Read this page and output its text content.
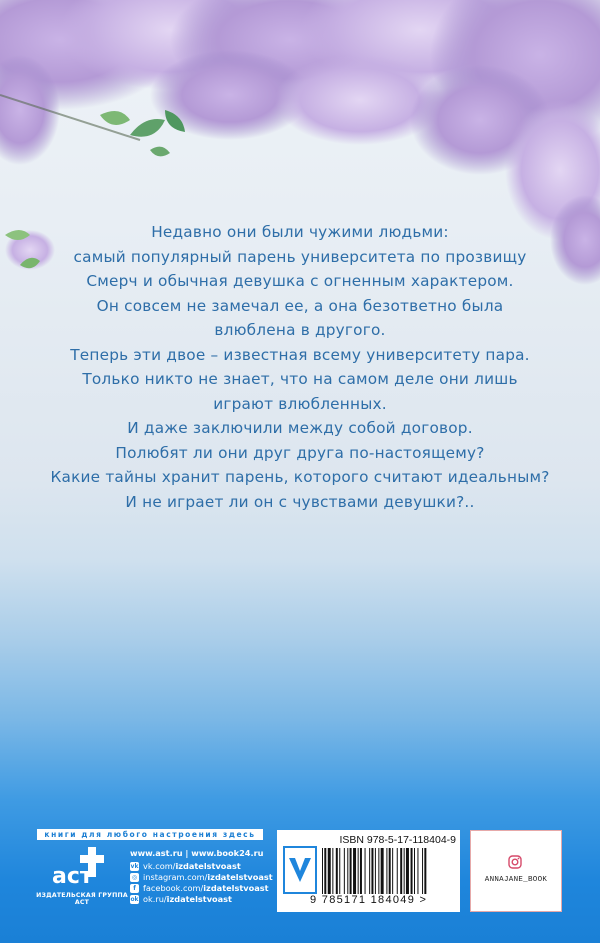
Недавно они были чужими людьми:

самый популярный парень университета по прозвищу

Смерч и обычная девушка с огненным характером.

Он совсем не замечал ее, а она безответно была

влюблена в другого.

Теперь эти двое – известная всему университету пара.

Только никто не знает, что на самом деле они лишь

играют влюбленных.

И даже заключили между собой договор.

Полюбят ли они друг друга по-настоящему?

Какие тайны хранит парень, которого считают идеальным?

И не играет ли он с чувствами девушки?..

книги для любого настроения здесь
аст
ИЗДАТЕЛЬСКАЯ ГРУППА АСТ
www.ast.ru | www.book24.ru
vk vk.com/ izdatelstvoast
◎ instagram.com/ izdatelstvoast
f facebook.com/ izdatelstvoast
ok ok.ru/ izdatelstvoast
ISBN 978-5-17-118404-9
9 785171 184049 >
ANNAJANE_BOOK
